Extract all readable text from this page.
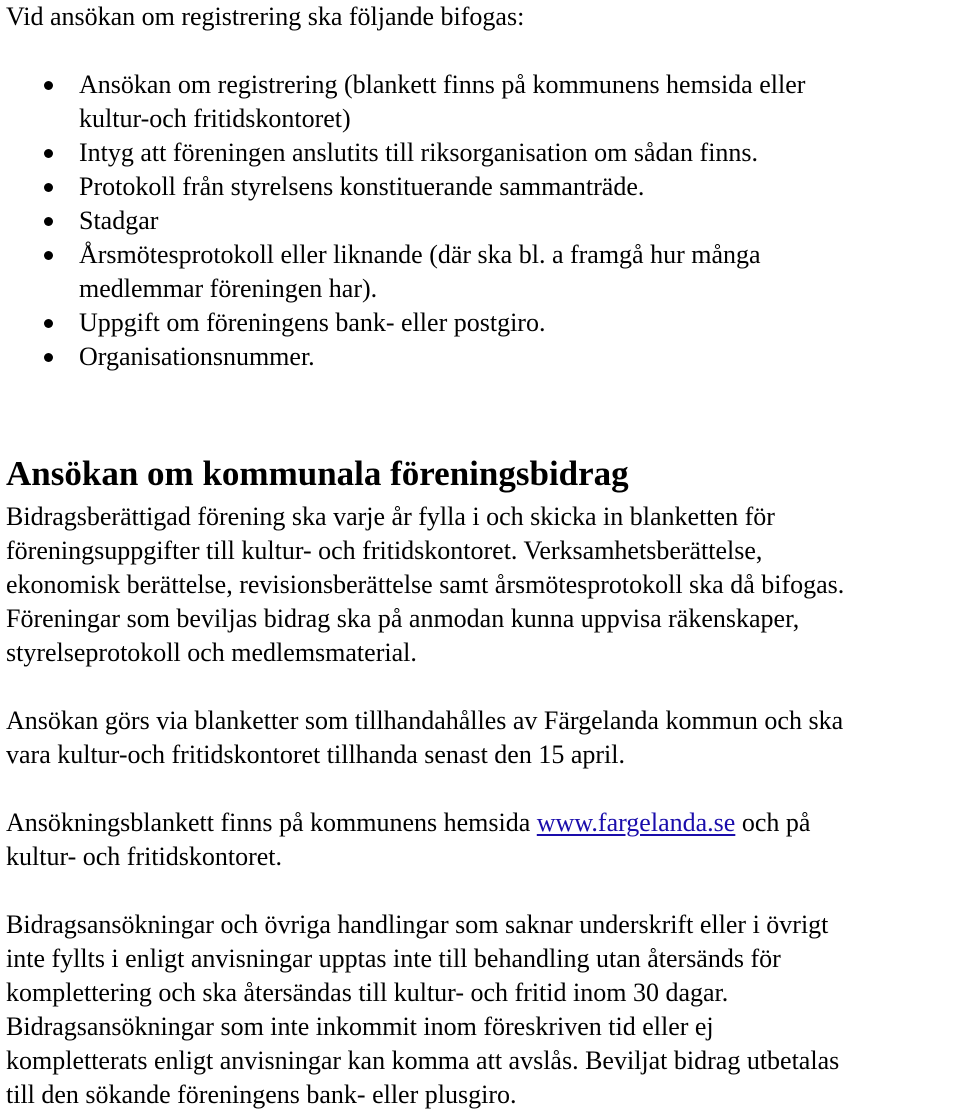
Vid ansökan om registrering ska följande bifogas:
Ansökan om registrering (blankett finns på kommunens hemsida eller
kultur-och fritidskontoret)
Intyg att föreningen anslutits till riksorganisation om sådan finns.
Protokoll från styrelsens konstituerande sammanträde.
Stadgar
Årsmötesprotokoll eller liknande (där ska bl. a framgå hur många
medlemmar föreningen har).
Uppgift om föreningens bank- eller postgiro.
Organisationsnummer.
Ansökan om kommunala föreningsbidrag

Bidragsberättigad förening ska varje år fylla i och skicka in blanketten för
föreningsuppgifter till kultur- och fritidskontoret. Verksamhetsberättelse,
ekonomisk berättelse, revisionsberättelse samt årsmötesprotokoll ska då bifogas.
Föreningar som beviljas bidrag ska på anmodan kunna uppvisa räkenskaper,
styrelseprotokoll och medlemsmaterial.

Ansökan görs via blanketter som tillhandahålles av Färgelanda kommun och ska
vara kultur-och fritidskontoret tillhanda senast den 15 april.

Ansökningsblankett finns på kommunens hemsida www.fargelanda.se och på
kultur- och fritidskontoret.

Bidragsansökningar och övriga handlingar som saknar underskrift eller i övrigt
inte fyllts i enligt anvisningar upptas inte till behandling utan återsänds för
komplettering och ska återsändas till kultur- och fritid inom 30 dagar.
Bidragsansökningar som inte inkommit inom föreskriven tid eller ej
kompletterats enligt anvisningar kan komma att avslås. Beviljat bidrag utbetalas
till den sökande föreningens bank- eller plusgiro.
